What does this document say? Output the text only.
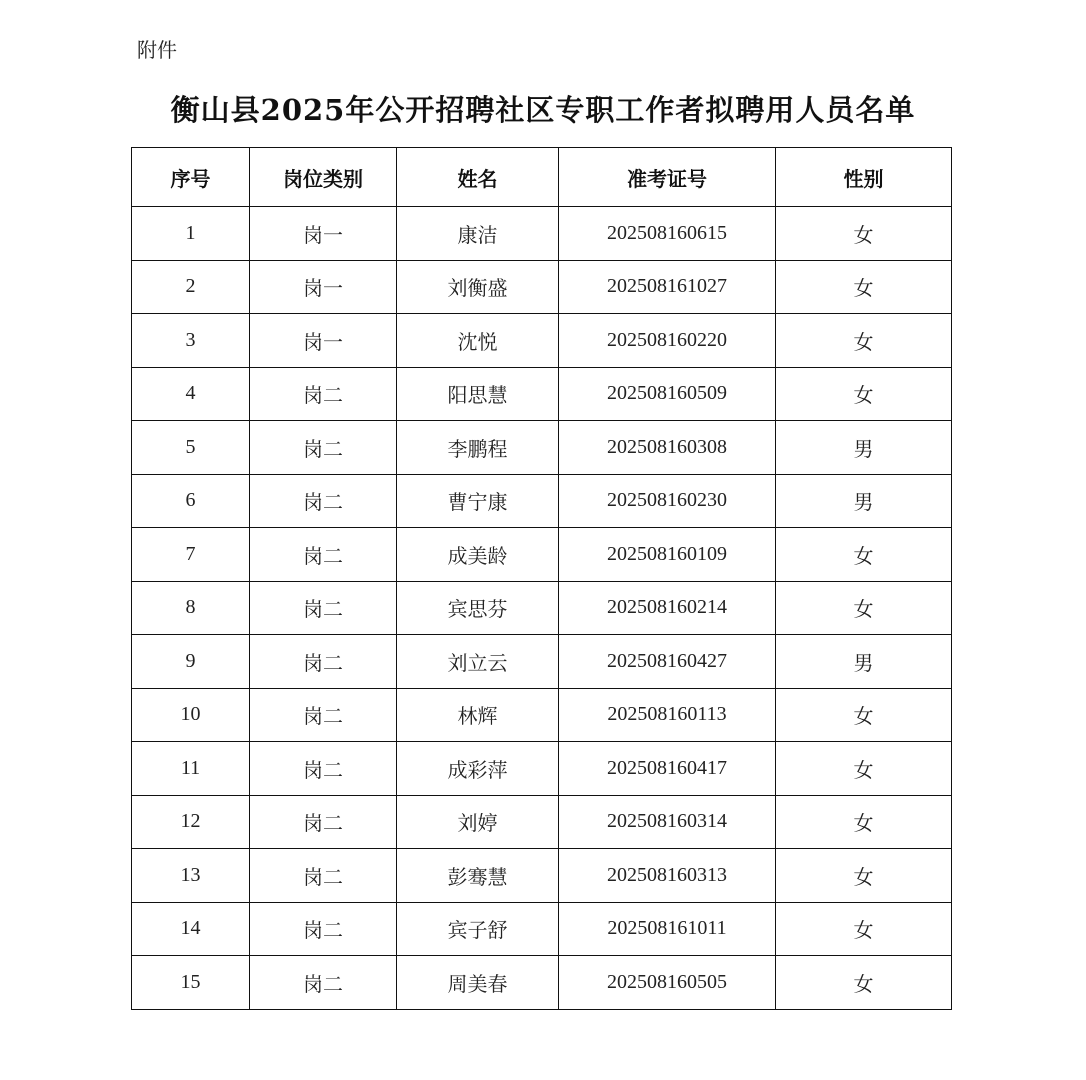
附件
衡山县2025年公开招聘社区专职工作者拟聘用人员名单
序号	岗位类别	姓名	准考证号	性别
1	岗一	康洁	202508160615	女
2	岗一	刘衡盛	202508161027	女
3	岗一	沈悦	202508160220	女
4	岗二	阳思慧	202508160509	女
5	岗二	李鹏程	202508160308	男
6	岗二	曹宁康	202508160230	男
7	岗二	成美龄	202508160109	女
8	岗二	宾思芬	202508160214	女
9	岗二	刘立云	202508160427	男
10	岗二	林辉	202508160113	女
11	岗二	成彩萍	202508160417	女
12	岗二	刘婷	202508160314	女
13	岗二	彭骞慧	202508160313	女
14	岗二	宾子舒	202508161011	女
15	岗二	周美春	202508160505	女
